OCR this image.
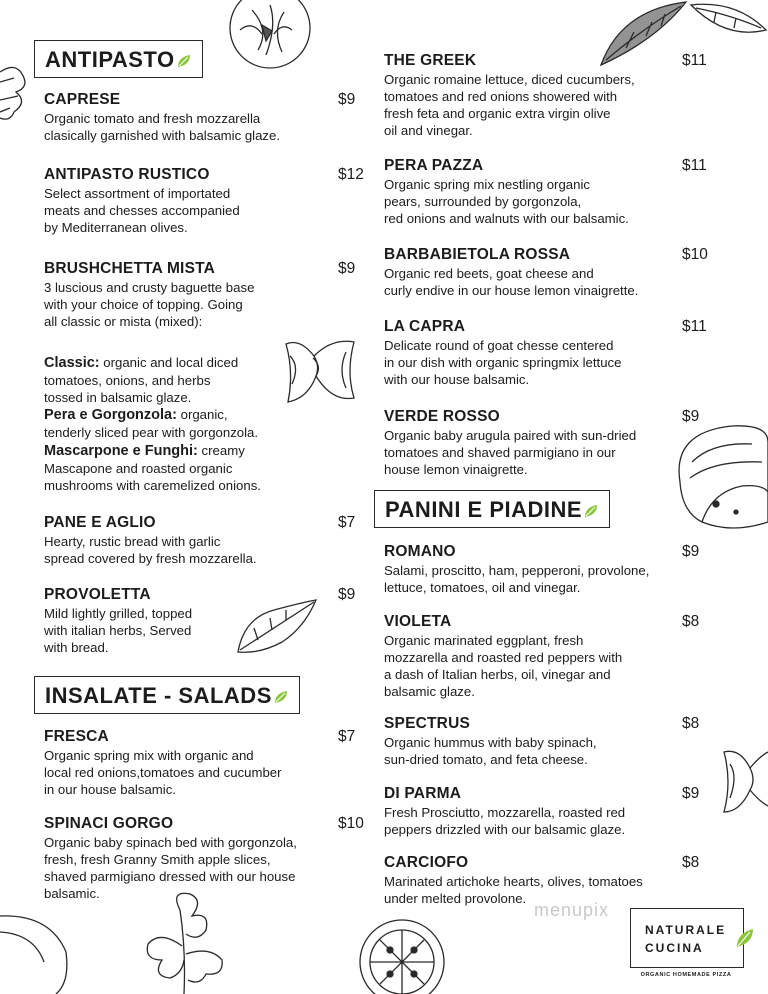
ANTIPASTO
INSALATE - SALADS
PANINI E PIADINE
CAPRESE	$9
Organic tomato and fresh mozzarella
clasically garnished with balsamic glaze.
ANTIPASTO RUSTICO	$12
Select assortment of importated
meats and chesses accompanied
by Mediterranean olives.
BRUSHCHETTA MISTA	$9
3 luscious and crusty baguette base
with your choice of topping. Going
all classic or mista (mixed):
Classic: organic and local diced
tomatoes, onions, and herbs
tossed in balsamic glaze.
Pera e Gorgonzola: organic,
tenderly sliced pear with gorgonzola.
Mascarpone e Funghi: creamy
Mascapone and roasted organic
mushrooms with caremelized onions.
PANE E AGLIO	$7
Hearty, rustic bread with garlic
spread covered by fresh mozzarella.
PROVOLETTA	$9
Mild lightly grilled, topped
with italian herbs, Served
with bread.
FRESCA	$7
Organic spring mix with organic and
local red onions,tomatoes and cucumber
in our house balsamic.
SPINACI GORGO	$10
Organic baby spinach bed with gorgonzola,
fresh, fresh Granny Smith apple slices,
shaved parmigiano dressed with our house
balsamic.
THE GREEK	$11
Organic romaine lettuce, diced cucumbers,
tomatoes and red onions showered with
fresh feta and organic extra virgin olive
oil and vinegar.
PERA PAZZA	$11
Organic spring mix nestling organic
pears, surrounded by gorgonzola,
red onions and walnuts with our balsamic.
BARBABIETOLA ROSSA	$10
Organic red beets, goat cheese and
curly endive in our house lemon vinaigrette.
LA CAPRA	$11
Delicate round of goat chesse centered
in our dish with organic springmix lettuce
with our house balsamic.
VERDE ROSSO	$9
Organic baby arugula paired with sun-dried
tomatoes and shaved parmigiano in our
house lemon vinaigrette.
ROMANO	$9
Salami, proscitto, ham, pepperoni, provolone,
lettuce, tomatoes, oil and vinegar.
VIOLETA	$8
Organic marinated eggplant, fresh
mozzarella and roasted red peppers with
a dash of Italian herbs, oil, vinegar and
balsamic glaze.
SPECTRUS	$8
Organic hummus with baby spinach,
sun-dried tomato, and feta cheese.
DI PARMA	$9
Fresh Prosciutto, mozzarella, roasted red
peppers drizzled with our balsamic glaze.
CARCIOFO	$8
Marinated artichoke hearts, olives, tomatoes
under melted provolone.
menupix
NATURALE
CUCINA
ORGANIC HOMEMADE PIZZA
